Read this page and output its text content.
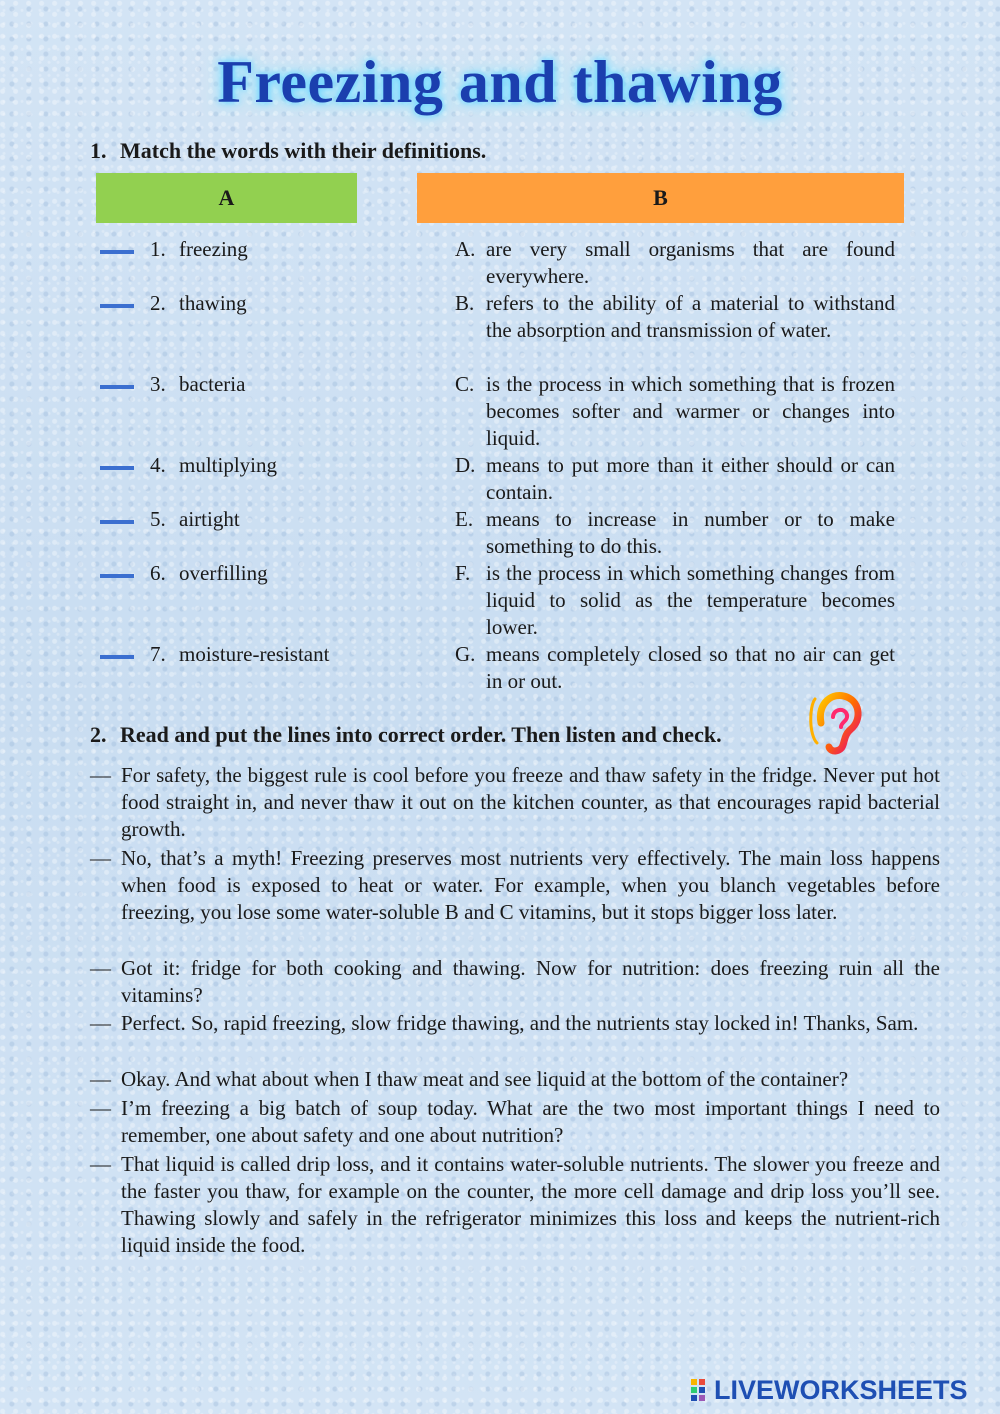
Freezing and thawing
1. Match the words with their definitions.
A	B
1. freezing
2. thawing
3. bacteria
4. multiplying
5. airtight
6. overfilling
7. moisture-resistant
A. are very small organisms that are found everywhere.
B. refers to the ability of a material to withstand the absorption and transmission of water.
C. is the process in which something that is frozen becomes softer and warmer or changes into liquid.
D. means to put more than it either should or can contain.
E. means to increase in number or to make something to do this.
F. is the process in which something changes from liquid to solid as the temperature becomes lower.
G. means completely closed so that no air can get in or out.
2. Read and put the lines into correct order. Then listen and check.
— For safety, the biggest rule is cool before you freeze and thaw safety in the fridge. Never put hot food straight in, and never thaw it out on the kitchen counter, as that encourages rapid bacterial growth.
— No, that’s a myth! Freezing preserves most nutrients very effectively. The main loss happens when food is exposed to heat or water. For example, when you blanch vegetables before freezing, you lose some water-soluble B and C vitamins, but it stops bigger loss later.
— Got it: fridge for both cooking and thawing. Now for nutrition: does freezing ruin all the vitamins?
— Perfect. So, rapid freezing, slow fridge thawing, and the nutrients stay locked in! Thanks, Sam.
— Okay. And what about when I thaw meat and see liquid at the bottom of the container?
— I’m freezing a big batch of soup today. What are the two most important things I need to remember, one about safety and one about nutrition?
— That liquid is called drip loss, and it contains water-soluble nutrients. The slower you freeze and the faster you thaw, for example on the counter, the more cell damage and drip loss you’ll see. Thawing slowly and safely in the refrigerator minimizes this loss and keeps the nutrient-rich liquid inside the food.
LIVEWORKSHEETS
